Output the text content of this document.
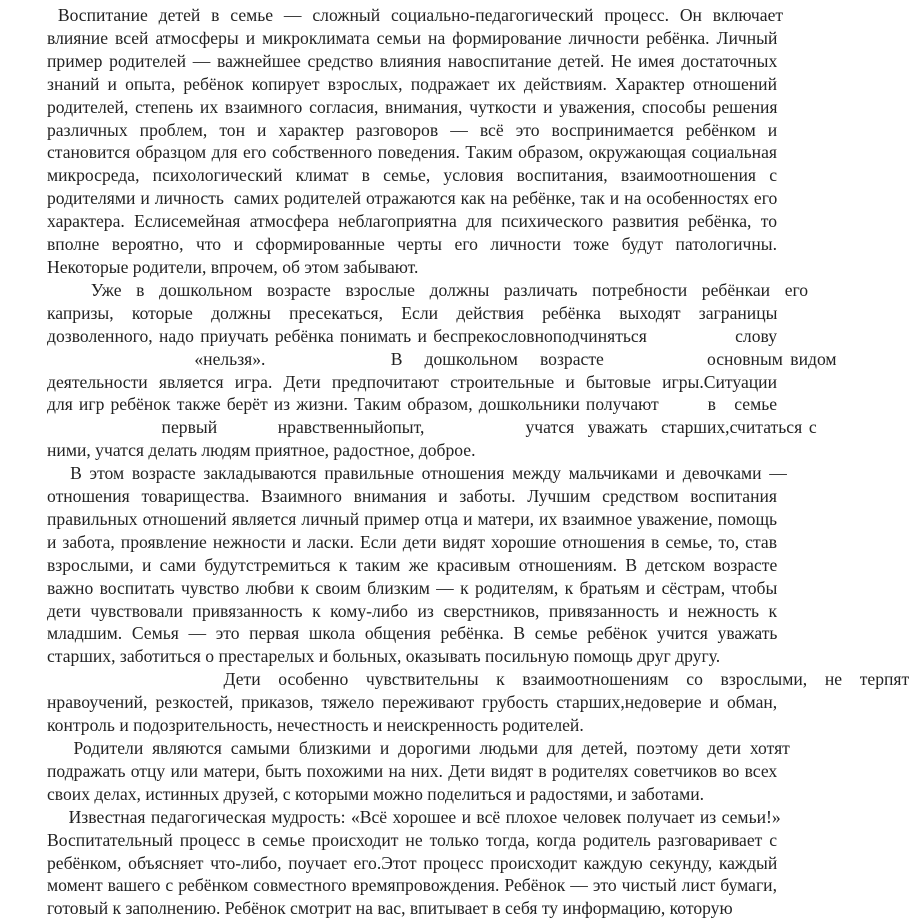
Воспитание детей в семье — сложный социально-педагогический процесс. Он включает
влияние всей атмосферы и микроклимата семьи на формирование личности ребёнка. Личный
пример родителей — важнейшее средство влияния навоспитание детей. Не имея достаточных
знаний и опыта, ребёнок копирует взрослых, подражает их действиям. Характер отношений
родителей, степень их взаимного согласия, внимания, чуткости и уважения, способы решения
различных проблем, тон и характер разговоров — всё это воспринимается ребёнком и
становится образцом для его собственного поведения. Таким образом, окружающая социальная
микросреда, психологический климат в семье, условия воспитания, взаимоотношения с
родителями и личность  самих родителей отражаются как на ребёнке, так и на особенностях его
характера. Еслисемейная атмосфера неблагоприятна для психического развития ребёнка, то
вполне вероятно, что и сформированные черты его личности тоже будут патологичны.
Некоторые родители, впрочем, об этом забывают.
Уже в дошкольном возрасте взрослые должны различать потребности ребёнкаи его
капризы, которые должны пресекаться, Если действия ребёнка выходят заграницы
дозволенного, надо приучать ребёнка понимать и беспрекословноподчиняться              слову
«нельзя».                 В   дошкольном   возрасте              основным видом
деятельности является игра. Дети предпочитают строительные и бытовые игры.Ситуации
для игр ребёнок также берёт из жизни. Таким образом, дошкольники получают        в   семье
первый         нравственныйопыт,               учатся  уважать  старших,считаться с
ними, учатся делать людям приятное, радостное, доброе.
В этом возрасте закладываются правильные отношения между мальчиками и девочками —
отношения товарищества. Взаимного внимания и заботы. Лучшим средством воспитания
правильных отношений является личный пример отца и матери, их взаимное уважение, помощь
и забота, проявление нежности и ласки. Если дети видят хорошие отношения в семье, то, став
взрослыми, и сами будутстремиться к таким же красивым отношениям. В детском возрасте
важно воспитать чувство любви к своим близким — к родителям, к братьям и сёстрам, чтобы
дети чувствовали привязанность к кому-либо из сверстников, привязанность и нежность к
младшим. Семья — это первая школа общения ребёнка. В семье ребёнок учится уважать
старших, заботиться о престарелых и больных, оказывать посильную помощь друг другу.
Дети особенно чувствительны к взаимоотношениям со взрослыми, не терпят
нравоучений, резкостей, приказов, тяжело переживают грубость старших,недоверие и обман,
контроль и подозрительность, нечестность и неискренность родителей.
Родители являются самыми близкими и дорогими людьми для детей, поэтому дети хотят
подражать отцу или матери, быть похожими на них. Дети видят в родителях советчиков во всех
своих делах, истинных друзей, с которыми можно поделиться и радостями, и заботами.
Известная педагогическая мудрость: «Всё хорошее и всё плохое человек получает из семьи!»
Воспитательный процесс в семье происходит не только тогда, когда родитель разговаривает с
ребёнком, объясняет что-либо, поучает его.Этот процесс происходит каждую секунду, каждый
момент вашего с ребёнком совместного времяпровождения. Ребёнок — это чистый лист бумаги,
готовый к заполнению. Ребёнок смотрит на вас, впитывает в себя ту информацию, которую
